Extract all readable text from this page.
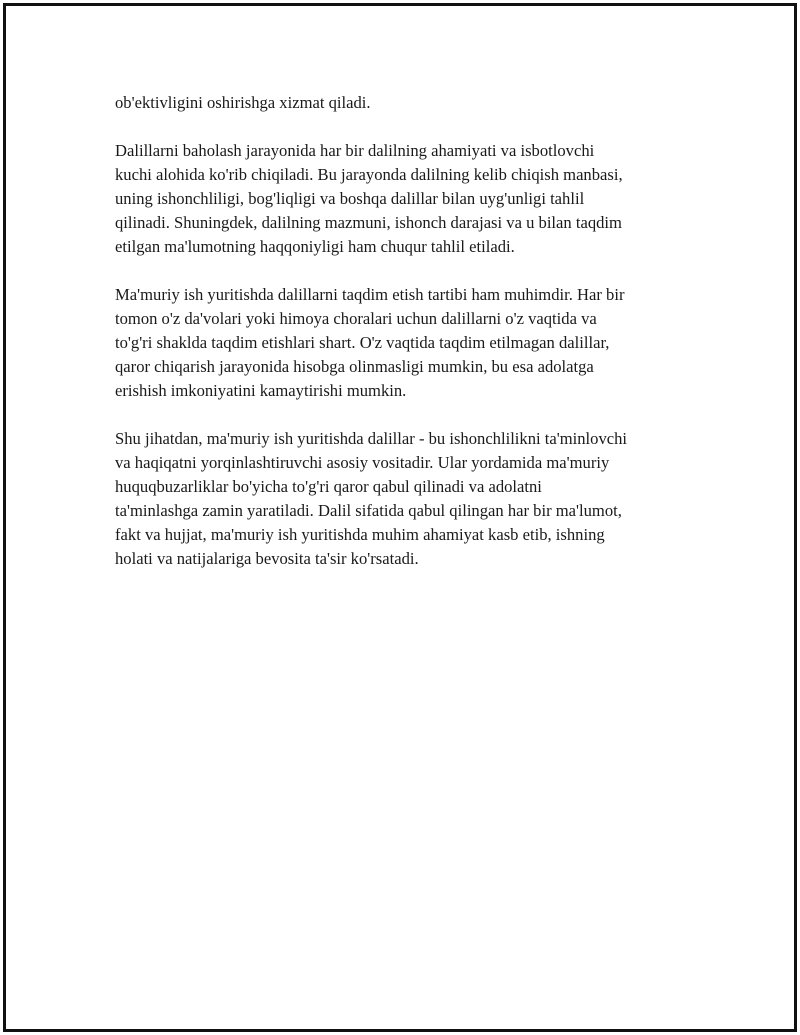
ob'ektivligini oshirishga xizmat qiladi.

Dalillarni baholash jarayonida har bir dalilning ahamiyati va isbotlovchi
kuchi alohida ko'rib chiqiladi. Bu jarayonda dalilning kelib chiqish manbasi,
uning ishonchliligi, bog'liqligi va boshqa dalillar bilan uyg'unligi tahlil
qilinadi. Shuningdek, dalilning mazmuni, ishonch darajasi va u bilan taqdim
etilgan ma'lumotning haqqoniyligi ham chuqur tahlil etiladi.

Ma'muriy ish yuritishda dalillarni taqdim etish tartibi ham muhimdir. Har bir
tomon o'z da'volari yoki himoya choralari uchun dalillarni o'z vaqtida va
to'g'ri shaklda taqdim etishlari shart. O'z vaqtida taqdim etilmagan dalillar,
qaror chiqarish jarayonida hisobga olinmasligi mumkin, bu esa adolatga
erishish imkoniyatini kamaytirishi mumkin.

Shu jihatdan, ma'muriy ish yuritishda dalillar - bu ishonchlilikni ta'minlovchi
va haqiqatni yorqinlashtiruvchi asosiy vositadir. Ular yordamida ma'muriy
huquqbuzarliklar bo'yicha to'g'ri qaror qabul qilinadi va adolatni
ta'minlashga zamin yaratiladi. Dalil sifatida qabul qilingan har bir ma'lumot,
fakt va hujjat, ma'muriy ish yuritishda muhim ahamiyat kasb etib, ishning
holati va natijalariga bevosita ta'sir ko'rsatadi.
